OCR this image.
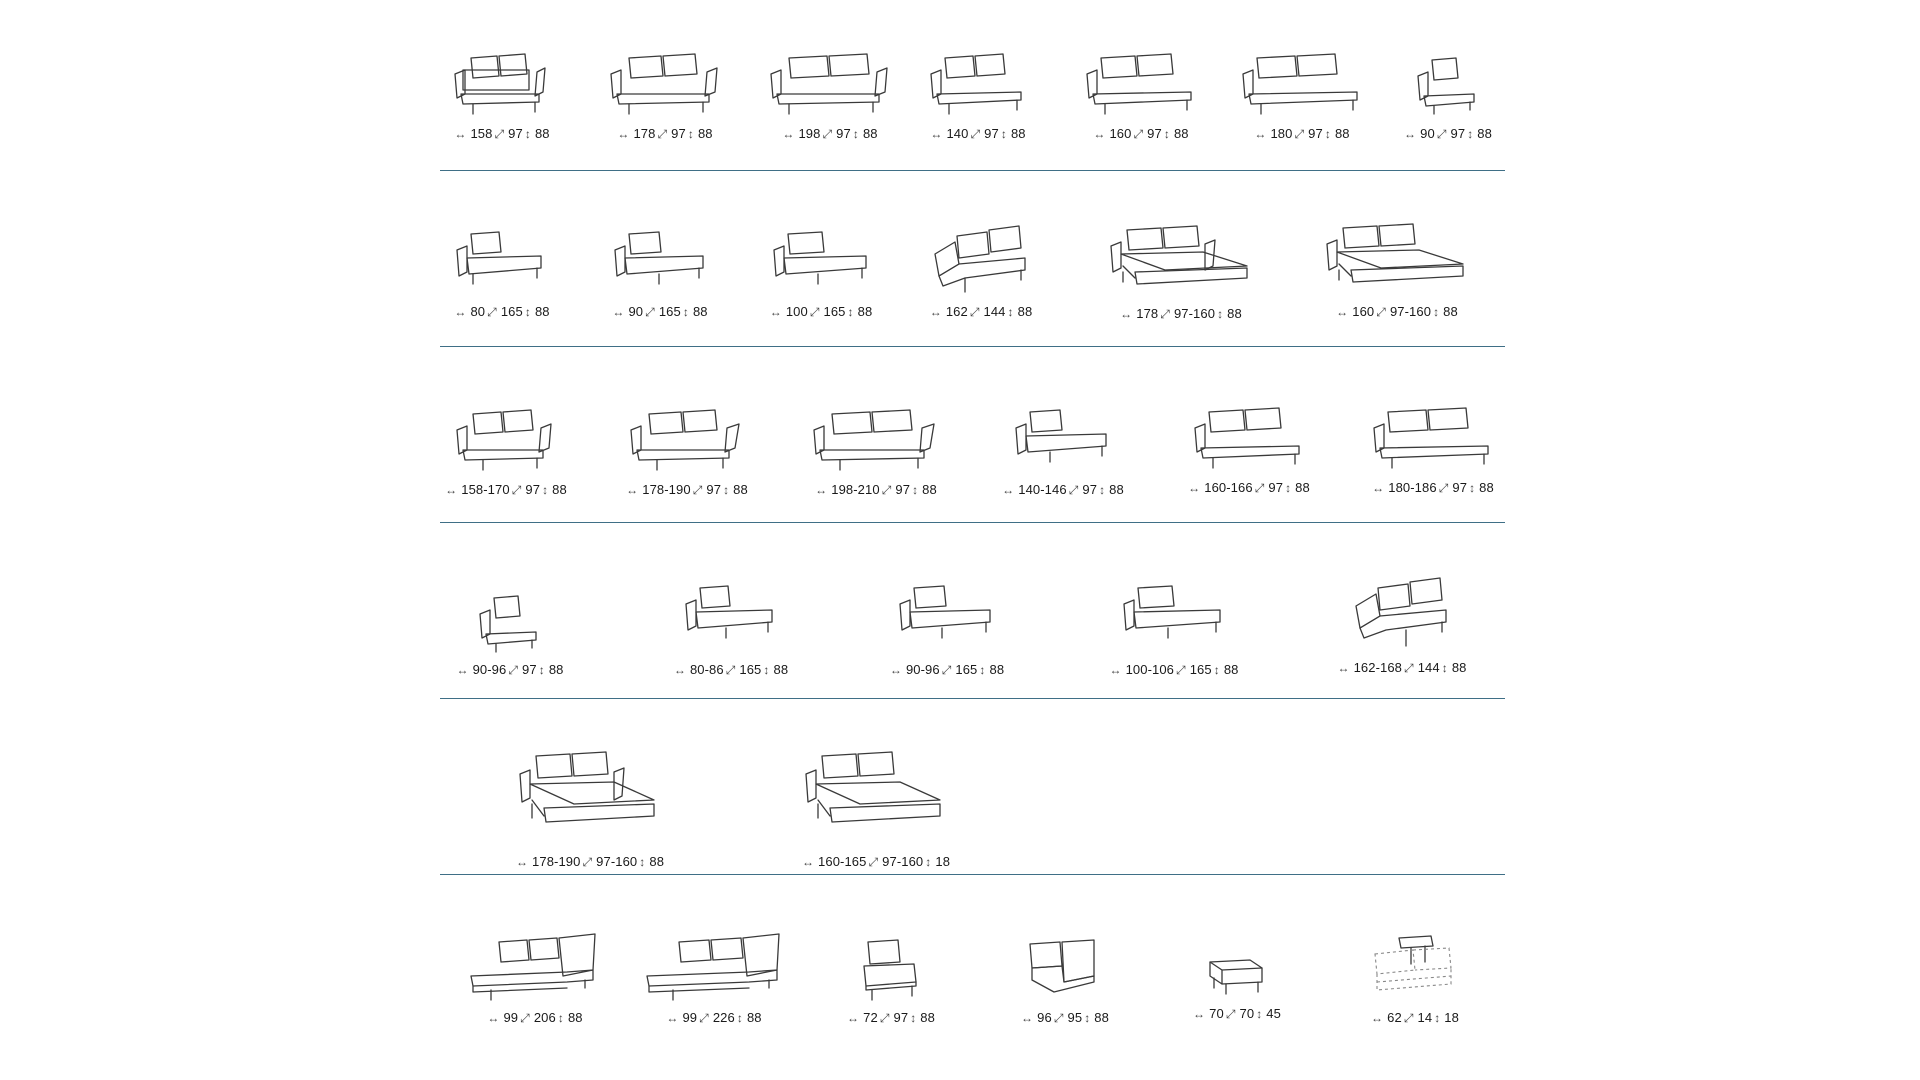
↔ 158 ⤢ 97 ↕ 88	↔ 178 ⤢ 97 ↕ 88	↔ 198 ⤢ 97 ↕ 88	↔ 140 ⤢ 97 ↕ 88	↔ 160 ⤢ 97 ↕ 88	↔ 180 ⤢ 97 ↕ 88	↔ 90 ⤢ 97 ↕ 88
↔ 80 ⤢ 165 ↕ 88	↔ 90 ⤢ 165 ↕ 88	↔ 100 ⤢ 165 ↕ 88	↔ 162 ⤢ 144 ↕ 88	↔ 178 ⤢ 97-160 ↕ 88	↔ 160 ⤢ 97-160 ↕ 88
↔ 158-170 ⤢ 97 ↕ 88	↔ 178-190 ⤢ 97 ↕ 88	↔ 198-210 ⤢ 97 ↕ 88	↔ 140-146 ⤢ 97 ↕ 88	↔ 160-166 ⤢ 97 ↕ 88	↔ 180-186 ⤢ 97 ↕ 88
↔ 90-96 ⤢ 97 ↕ 88	↔ 80-86 ⤢ 165 ↕ 88	↔ 90-96 ⤢ 165 ↕ 88	↔ 100-106 ⤢ 165 ↕ 88	↔ 162-168 ⤢ 144 ↕ 88
↔ 178-190 ⤢ 97-160 ↕ 88	↔ 160-165 ⤢ 97-160 ↕ 18
↔ 99 ⤢ 206 ↕ 88	↔ 99 ⤢ 226 ↕ 88	↔ 72 ⤢ 97 ↕ 88	↔ 96 ⤢ 95 ↕ 88	↔ 70 ⤢ 70 ↕ 45	↔ 62 ⤢ 14 ↕ 18
